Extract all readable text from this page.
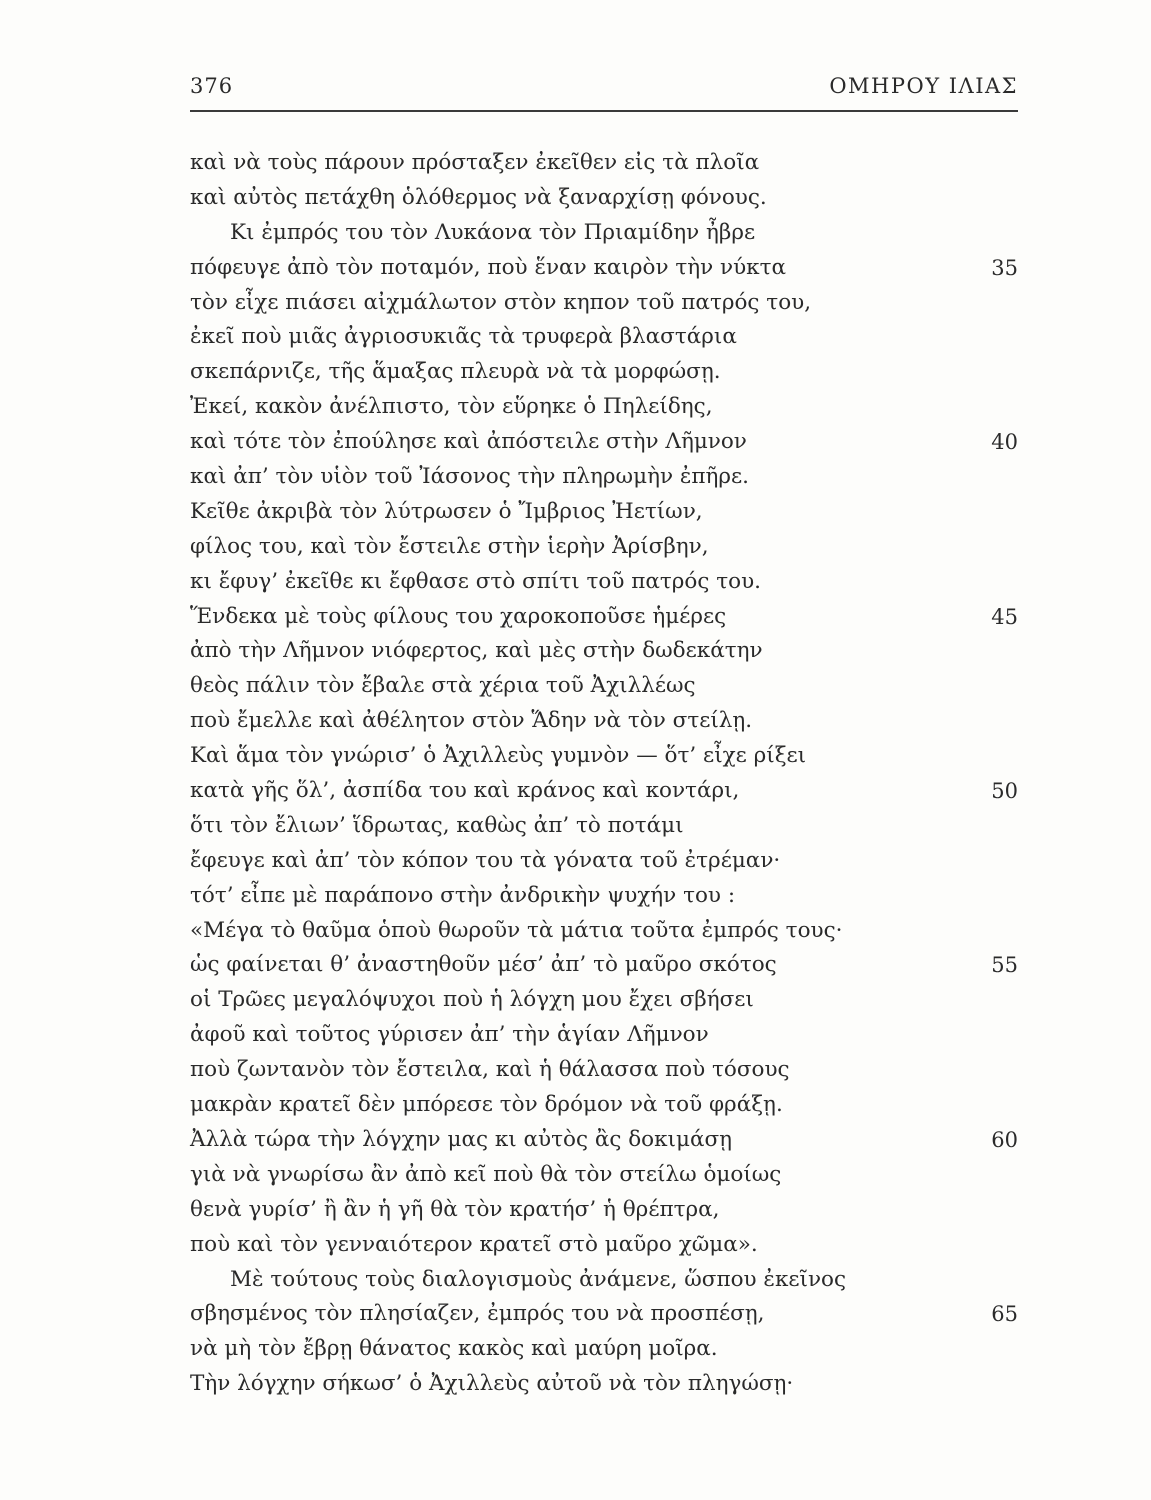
376	ΟΜΗΡΟΥ ΙΛΙΑΣ
καὶ νὰ τοὺς πάρουν πρόσταξεν ἐκεῖθεν εἰς τὰ πλοῖα
καὶ αὐτὸς πετάχθη ὁλόθερμος νὰ ξαναρχίσῃ φόνους.
Κι ἐμπρός του τὸν Λυκάονα τὸν Πριαμίδην ἦβρε
πόφευγε ἀπὸ τὸν ποταμόν, ποὺ ἕναν καιρὸν τὴν νύκτα	35
τὸν εἶχε πιάσει αἰχμάλωτον στὸν κηπον τοῦ πατρός του,
ἐκεῖ ποὺ μιᾶς ἀγριοσυκιᾶς τὰ τρυφερὰ βλαστάρια
σκεπάρνιζε, τῆς ἅμαξας πλευρὰ νὰ τὰ μορφώσῃ.
Ἐκεί, κακὸν ἀνέλπιστο, τὸν εὕρηκε ὁ Πηλείδης,
καὶ τότε τὸν ἐπούλησε καὶ ἀπόστειλε στὴν Λῆμνον	40
καὶ ἀπ’ τὸν υἱὸν τοῦ Ἰάσονος τὴν πληρωμὴν ἐπῆρε.
Κεῖθε ἀκριβὰ τὸν λύτρωσεν ὁ Ἴμβριος Ἠετίων,
φίλος του, καὶ τὸν ἔστειλε στὴν ἱερὴν Ἀρίσβην,
κι ἔφυγ’ ἐκεῖθε κι ἔφθασε στὸ σπίτι τοῦ πατρός του.
Ἕνδεκα μὲ τοὺς φίλους του χαροκοποῦσε ἡμέρες	45
ἀπὸ τὴν Λῆμνον νιόφερτος, καὶ μὲς στὴν δωδεκάτην
θεὸς πάλιν τὸν ἔβαλε στὰ χέρια τοῦ Ἀχιλλέως
ποὺ ἔμελλε καὶ ἀθέλητον στὸν Ἅδην νὰ τὸν στείλῃ.
Καὶ ἅμα τὸν γνώρισ’ ὁ Ἀχιλλεὺς γυμνὸν — ὅτ’ εἶχε ρίξει
κατὰ γῆς ὅλ’, ἀσπίδα του καὶ κράνος καὶ κοντάρι,	50
ὅτι τὸν ἔλιων’ ἵδρωτας, καθὼς ἀπ’ τὸ ποτάμι
ἔφευγε καὶ ἀπ’ τὸν κόπον του τὰ γόνατα τοῦ ἐτρέμαν·
τότ’ εἶπε μὲ παράπονο στὴν ἀνδρικὴν ψυχήν του :
«Μέγα τὸ θαῦμα ὁποὺ θωροῦν τὰ μάτια τοῦτα ἐμπρός τους·
ὡς φαίνεται θ’ ἀναστηθοῦν μέσ’ ἀπ’ τὸ μαῦρο σκότος	55
οἱ Τρῶες μεγαλόψυχοι ποὺ ἡ λόγχη μου ἔχει σβήσει
ἀφοῦ καὶ τοῦτος γύρισεν ἀπ’ τὴν ἁγίαν Λῆμνον
ποὺ ζωντανὸν τὸν ἔστειλα, καὶ ἡ θάλασσα ποὺ τόσους
μακρὰν κρατεῖ δὲν μπόρεσε τὸν δρόμον νὰ τοῦ φράξῃ.
Ἀλλὰ τώρα τὴν λόγχην μας κι αὐτὸς ἂς δοκιμάσῃ	60
γιὰ νὰ γνωρίσω ἂν ἀπὸ κεῖ ποὺ θὰ τὸν στείλω ὁμοίως
θενὰ γυρίσ’ ἢ ἂν ἡ γῆ θὰ τὸν κρατήσ’ ἡ θρέπτρα,
ποὺ καὶ τὸν γενναιότερον κρατεῖ στὸ μαῦρο χῶμα».
Μὲ τούτους τοὺς διαλογισμοὺς ἀνάμενε, ὥσπου ἐκεῖνος
σβησμένος τὸν πλησίαζεν, ἐμπρός του νὰ προσπέσῃ,	65
νὰ μὴ τὸν ἔβρῃ θάνατος κακὸς καὶ μαύρη μοῖρα.
Τὴν λόγχην σήκωσ’ ὁ Ἀχιλλεὺς αὐτοῦ νὰ τὸν πληγώσῃ·
